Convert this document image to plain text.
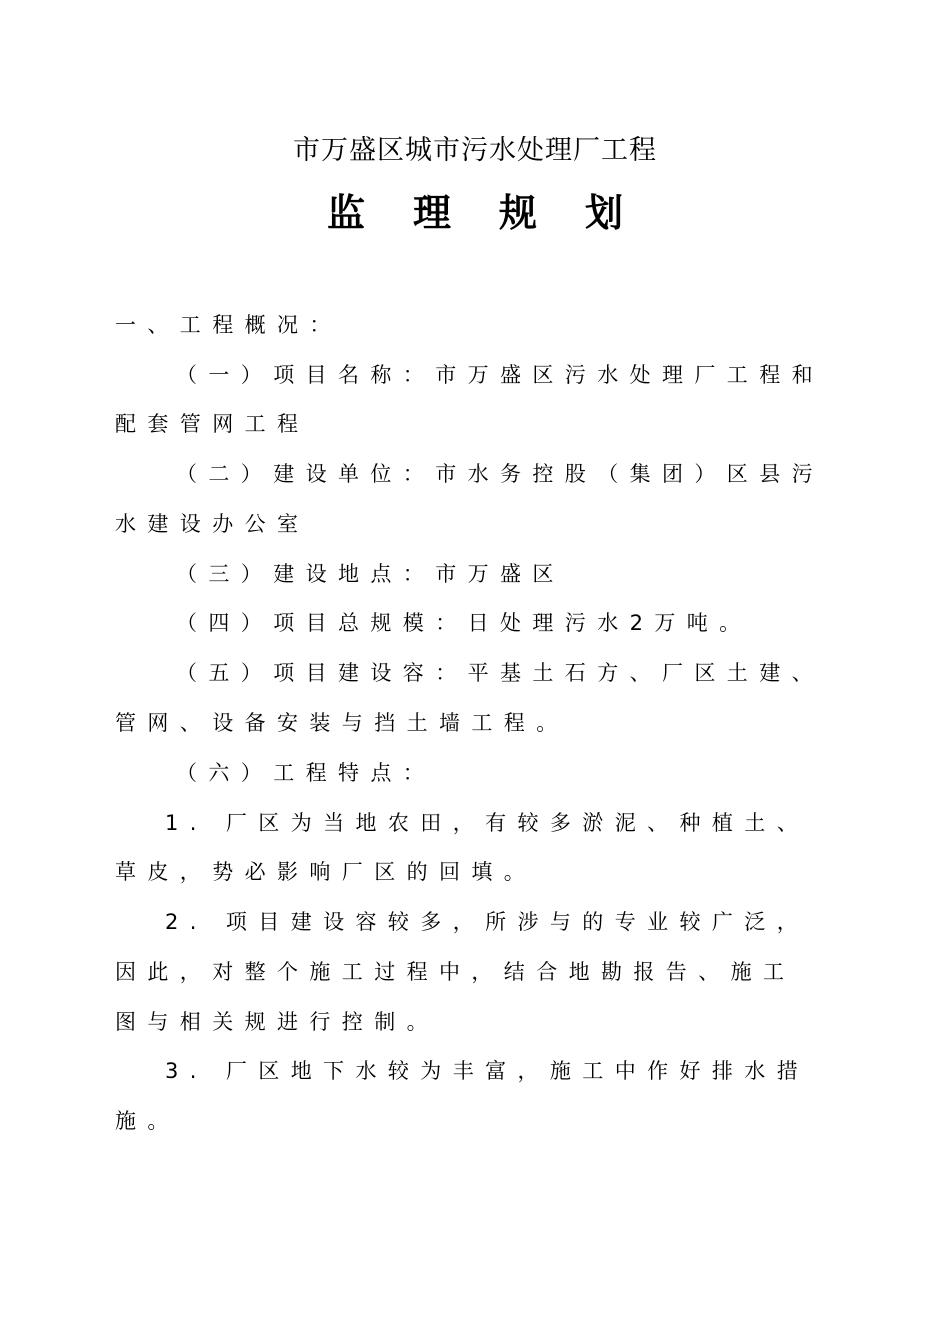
市万盛区城市污水处理厂工程
监理规划
一、工程概况：
（一）项目名称：市万盛区污水处理厂工程和
配套管网工程
（二）建设单位：市水务控股（集团）区县污
水建设办公室
（三）建设地点：市万盛区
（四）项目总规模：日处理污水2万吨。
（五）项目建设容：平基土石方、厂区土建、
管网、设备安装与挡土墙工程。
（六）工程特点：
1. 厂区为当地农田，有较多淤泥、种植土、
草皮，势必影响厂区的回填。
2. 项目建设容较多，所涉与的专业较广泛，
因此，对整个施工过程中，结合地勘报告、施工
图与相关规进行控制。
3. 厂区地下水较为丰富，施工中作好排水措
施。
